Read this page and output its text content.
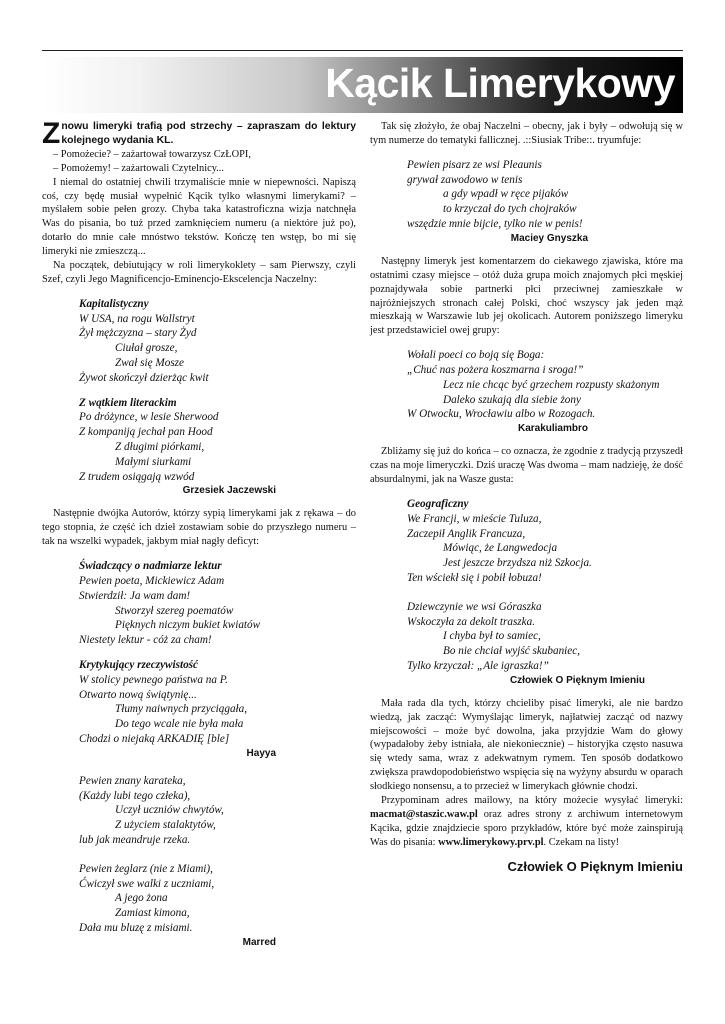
Kącik Limerykowy

Znowu limeryki trafią pod strzechy – zapraszam do lektury kolejnego wydania KL.

– Pomożecie? – zażartował towarzysz CzŁOPI,

– Pomożemy! – zażartowali Czytelnicy...

I niemal do ostatniej chwili trzymaliście mnie w niepewności. Napiszą coś, czy będę musiał wypełnić Kącik tylko własnymi limerykami? – myślałem sobie pełen grozy. Chyba taka katastroficzna wizja natchnęła Was do pisania, bo tuż przed zamknięciem numeru (a niektóre już po), dotarło do mnie całe mnóstwo tekstów. Kończę ten wstęp, bo mi się limeryki nie zmieszczą...

Na początek, debiutujący w roli limerykoklety – sam Pierwszy, czyli Szef, czyli Jego Magnificencjo-Eminencjo-Ekscelencja Naczelny:

Kapitalistyczny
W USA, na rogu Wallstryt
Żył mężczyzna – stary Żyd
Ciułał grosze,
Zwał się Mosze
Żywot skończył dzierżąc kwit
Z wątkiem literackim
Po dróżynce, w lesie Sherwood
Z kompaniją jechał pan Hood
Z długimi piórkami,
Małymi siurkami
Z trudem osiągają wzwód
Grzesiek Jaczewski

Następnie dwójka Autorów, którzy sypią limerykami jak z rękawa – do tego stopnia, że część ich dzieł zostawiam sobie do przyszłego numeru – tak na wszelki wypadek, jakbym miał nagły deficyt:

Świadczący o nadmiarze lektur
Pewien poeta, Mickiewicz Adam
Stwierdził: Ja wam dam!
Stworzył szereg poematów
Pięknych niczym bukiet kwiatów
Niestety lektur - cóż za cham!
Krytykujący rzeczywistość
W stolicy pewnego państwa na P.
Otwarto nową świątynię...
Tłumy naiwnych przyciągała,
Do tego wcale nie była mała
Chodzi o niejaką ARKADIĘ [ble]
Hayya
Pewien znany karateka,
(Każdy lubi tego człeka),
Uczył uczniów chwytów,
Z użyciem stalaktytów,
lub jak meandruje rzeka.
Pewien żeglarz (nie z Miami),
Ćwiczył swe walki z uczniami,
A jego żona
Zamiast kimona,
Dała mu bluzę z misiami.
Marred

Tak się złożyło, że obaj Naczelni – obecny, jak i były – odwołują się w tym numerze do tematyki fallicznej. .::Siusiak Tribe::. tryumfuje:

Pewien pisarz ze wsi Pleaunis
grywał zawodowo w tenis
a gdy wpadł w ręce pijaków
to krzyczał do tych chojraków
wszędzie mnie bijcie, tylko nie w penis!
Maciey Gnyszka

Następny limeryk jest komentarzem do ciekawego zjawiska, które ma ostatnimi czasy miejsce – otóż duża grupa moich znajomych płci męskiej poznajdywała sobie partnerki płci przeciwnej zamieszkałe w najróżniejszych stronach całej Polski, choć wszyscy jak jeden mąż mieszkają w Warszawie lub jej okolicach. Autorem poniższego limeryku jest przedstawiciel owej grupy:

Wołali poeci co boją się Boga:
„Chuć nas pożera koszmarna i sroga!”
Lecz nie chcąc być grzechem rozpusty skażonym
Daleko szukają dla siebie żony
W Otwocku, Wrocławiu albo w Rozogach.
Karakuliambro

Zbliżamy się już do końca – co oznacza, że zgodnie z tradycją przyszedł czas na moje limeryczki. Dziś uraczę Was dwoma – mam nadzieję, że dość absurdalnymi, jak na Wasze gusta:

Geograficzny
We Francji, w mieście Tuluza,
Zaczepił Anglik Francuza,
Mówiąc, że Langwedocja
Jest jeszcze brzydsza niż Szkocja.
Ten wściekł się i pobił łobuza!
Dziewczynie we wsi Góraszka
Wskoczyła za dekolt traszka.
I chyba był to samiec,
Bo nie chciał wyjść skubaniec,
Tylko krzyczał: „Ale igraszka!”
Człowiek O Pięknym Imieniu

Mała rada dla tych, którzy chcieliby pisać limeryki, ale nie bardzo wiedzą, jak zacząć: Wymyślając limeryk, najłatwiej zacząć od nazwy miejscowości – może być dowolna, jaka przyjdzie Wam do głowy (wypadałoby żeby istniała, ale niekoniecznie) – historyjka często nasuwa się wtedy sama, wraz z adekwatnym rymem. Ten sposób dodatkowo zwiększa prawdopodobieństwo wspięcia się na wyżyny absurdu w oparach słodkiego nonsensu, a to przecież w limerykach głównie chodzi.

Przypominam adres mailowy, na który możecie wysyłać limeryki: macmat@staszic.waw.pl oraz adres strony z archiwum internetowym Kącika, gdzie znajdziecie sporo przykładów, które być może zainspirują Was do pisania: www.limerykowy.prv.pl. Czekam na listy!

Człowiek O Pięknym Imieniu
